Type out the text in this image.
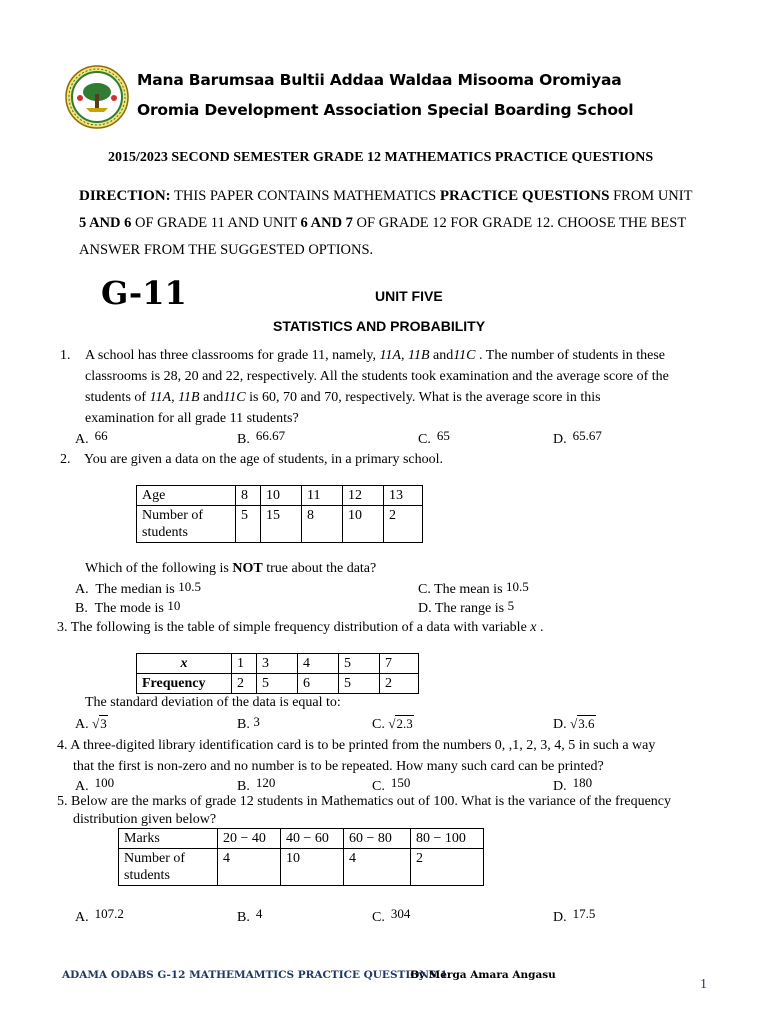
Mana Barumsaa Bultii Addaa Waldaa Misooma Oromiyaa
Oromia Development Association Special Boarding School
2015/2023 SECOND SEMESTER GRADE 12 MATHEMATICS PRACTICE QUESTIONS
DIRECTION: THIS PAPER CONTAINS MATHEMATICS PRACTICE QUESTIONS FROM UNIT
5 AND 6 OF GRADE 11 AND UNIT 6 AND 7 OF GRADE 12 FOR GRADE 12. CHOOSE THE BEST
ANSWER FROM THE SUGGESTED OPTIONS.
G-11	UNIT FIVE
STATISTICS AND PROBABILITY
1. A school has three classrooms for grade 11, namely, 11A, 11B and11C . The number of students in these
classrooms is 28, 20 and 22, respectively. All the students took examination and the average score of the
students of 11A, 11B and11C is 60, 70 and 70, respectively. What is the average score in this
examination for all grade 11 students?
A. 66	B. 66.67	C. 65	D. 65.67
2. You are given a data on the age of students, in a primary school.
Age	8	10	11	12	13
Number of
students	5	15	8	10	2
Which of the following is NOT true about the data?
A. The median is 10.5	C. The mean is 10.5
B. The mode is 10	D. The range is 5
3. The following is the table of simple frequency distribution of a data with variable x .
x	1	3	4	5	7
Frequency	2	5	6	5	2
The standard deviation of the data is equal to:
A. √3	B. 3	C. √2.3	D. √3.6
4. A three-digited library identification card is to be printed from the numbers 0, ,1, 2, 3, 4, 5 in such a way
that the first is non-zero and no number is to be repeated. How many such card can be printed?
A. 100	B. 120	C. 150	D. 180
5. Below are the marks of grade 12 students in Mathematics out of 100. What is the variance of the frequency
distribution given below?
Marks	20 − 40	40 − 60	60 − 80	80 − 100
Number of
students	4	10	4	2
A. 107.2	B. 4	C. 304	D. 17.5
ADAMA ODABS G-12 MATHEMAMTICS PRACTICE QUESTIONS 1
By Merga Amara Angasu
1
